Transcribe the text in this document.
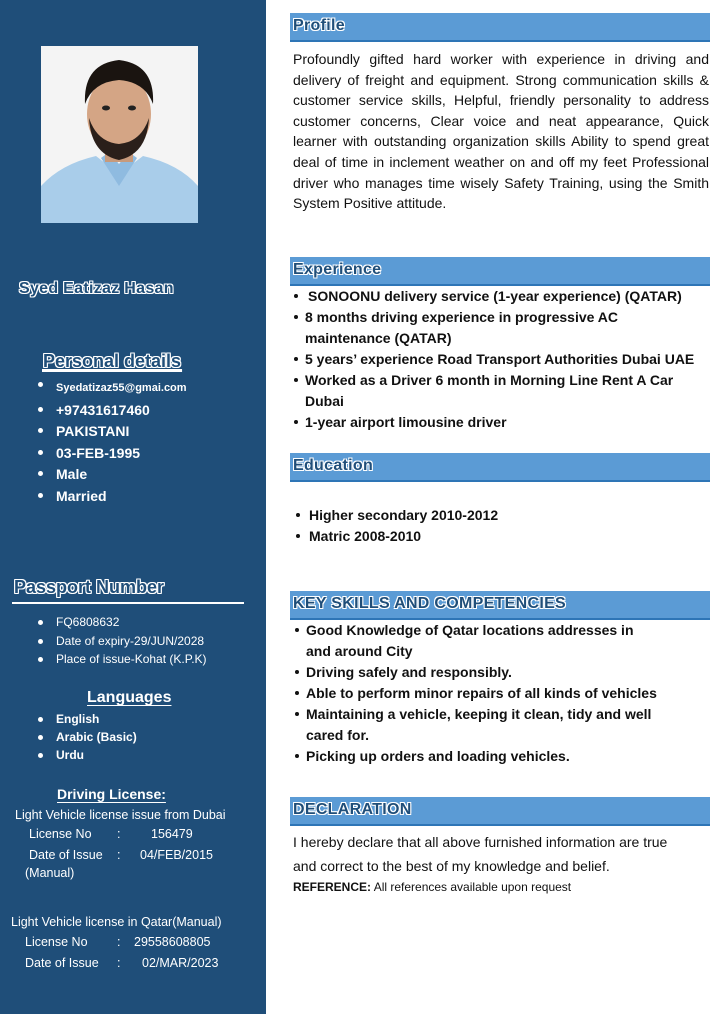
Syed Eatizaz Hasan
Personal details
Syedatizaz55@gmai.com
+97431617460
PAKISTANI
03-FEB-1995
Male
Married
Passport Number
FQ6808632
Date of expiry-29/JUN/2028
Place of issue-Kohat (K.P.K)
Languages
English
Arabic (Basic)
Urdu
Driving License:
Light Vehicle license issue from Dubai
License No : 156479
Date of Issue : 04/FEB/2015
(Manual)
Light Vehicle license in Qatar(Manual)
License No : 29558608805
Date of Issue : 02/MAR/2023
Profile

Profoundly gifted hard worker with experience in driving and delivery of freight and equipment. Strong communication skills & customer service skills, Helpful, friendly personality to address customer concerns, Clear voice and neat appearance, Quick learner with outstanding organization skills Ability to spend great deal of time in inclement weather on and off my feet Professional driver who manages time wisely Safety Training, using the Smith System Positive attitude.

Experience
SONOONU delivery service (1-year experience) (QATAR)
8 months driving experience in progressive AC maintenance (QATAR)
5 years’ experience Road Transport Authorities Dubai UAE
Worked as a Driver 6 month in Morning Line Rent A Car Dubai
1-year airport limousine driver
Education
Higher secondary 2010-2012
Matric 2008-2010
KEY SKILLS AND COMPETENCIES
Good Knowledge of Qatar locations addresses in and around City
Driving safely and responsibly.
Able to perform minor repairs of all kinds of vehicles
Maintaining a vehicle, keeping it clean, tidy and well cared for.
Picking up orders and loading vehicles.
DECLARATION

I hereby declare that all above furnished information are true and correct to the best of my knowledge and belief.

REFERENCE: All references available upon request
